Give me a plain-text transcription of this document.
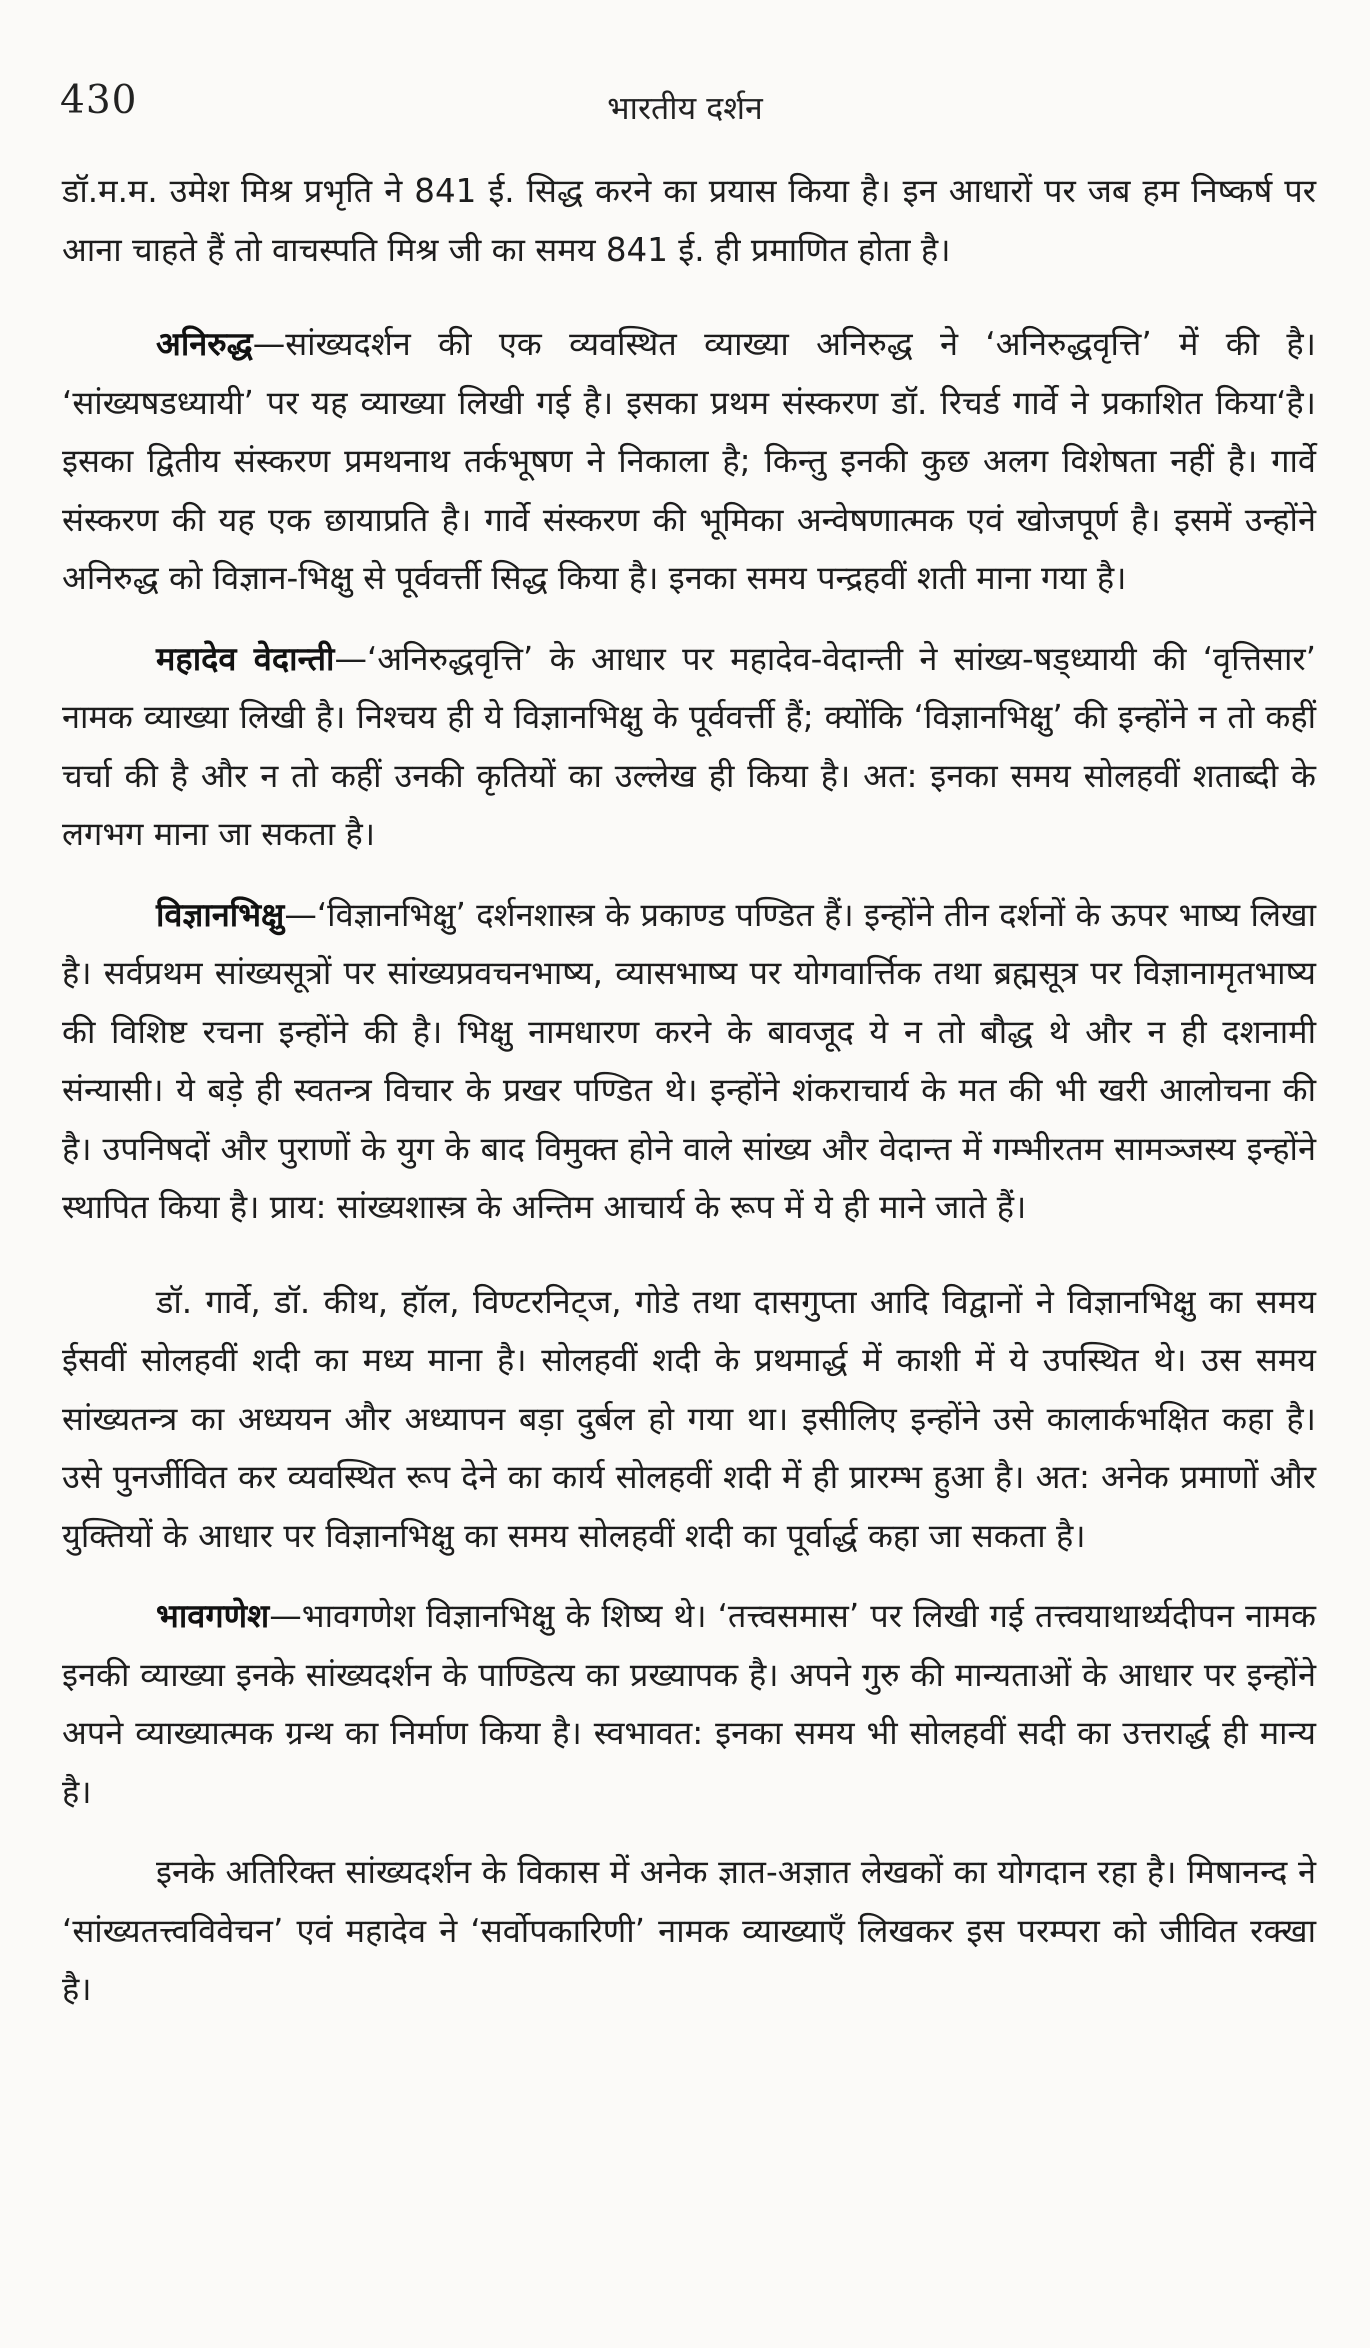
430	भारतीय दर्शन

डॉ.म.म. उमेश मिश्र प्रभृति ने 841 ई. सिद्ध करने का प्रयास किया है। इन आधारों पर जब हम निष्कर्ष पर आना चाहते हैं तो वाचस्पति मिश्र जी का समय 841 ई. ही प्रमाणित होता है।

अनिरुद्ध—सांख्यदर्शन की एक व्यवस्थित व्याख्या अनिरुद्ध ने ‘अनिरुद्धवृत्ति’ में की है। ‘सांख्यषडध्यायी’ पर यह व्याख्या लिखी गई है। इसका प्रथम संस्करण डॉ. रिचर्ड गार्वे ने प्रकाशित किया‘है। इसका द्वितीय संस्करण प्रमथनाथ तर्कभूषण ने निकाला है; किन्तु इनकी कुछ अलग विशेषता नहीं है। गार्वे संस्करण की यह एक छायाप्रति है। गार्वे संस्करण की भूमिका अन्वेषणात्मक एवं खोजपूर्ण है। इसमें उन्होंने अनिरुद्ध को विज्ञान-भिक्षु से पूर्ववर्त्ती सिद्ध किया है। इनका समय पन्द्रहवीं शती माना गया है।

महादेव वेदान्ती—‘अनिरुद्धवृत्ति’ के आधार पर महादेव-वेदान्ती ने सांख्य-षड्ध्यायी की ‘वृत्तिसार’ नामक व्याख्या लिखी है। निश्चय ही ये विज्ञानभिक्षु के पूर्ववर्त्ती हैं; क्योंकि ‘विज्ञानभिक्षु’ की इन्होंने न तो कहीं चर्चा की है और न तो कहीं उनकी कृतियों का उल्लेख ही किया है। अत: इनका समय सोलहवीं शताब्दी के लगभग माना जा सकता है।

विज्ञानभिक्षु—‘विज्ञानभिक्षु’ दर्शनशास्त्र के प्रकाण्ड पण्डित हैं। इन्होंने तीन दर्शनों के ऊपर भाष्य लिखा है। सर्वप्रथम सांख्यसूत्रों पर सांख्यप्रवचनभाष्य, व्यासभाष्य पर योगवार्त्तिक तथा ब्रह्मसूत्र पर विज्ञानामृतभाष्य की विशिष्ट रचना इन्होंने की है। भिक्षु नामधारण करने के बावजूद ये न तो बौद्ध थे और न ही दशनामी संन्यासी। ये बड़े ही स्वतन्त्र विचार के प्रखर पण्डित थे। इन्होंने शंकराचार्य के मत की भी खरी आलोचना की है। उपनिषदों और पुराणों के युग के बाद विमुक्त होने वाले सांख्य और वेदान्त में गम्भीरतम सामञ्जस्य इन्होंने स्थापित किया है। प्राय: सांख्यशास्त्र के अन्तिम आचार्य के रूप में ये ही माने जाते हैं।

डॉ. गार्वे, डॉ. कीथ, हॉल, विण्टरनिट्ज, गोडे तथा दासगुप्ता आदि विद्वानों ने विज्ञानभिक्षु का समय ईसवीं सोलहवीं शदी का मध्य माना है। सोलहवीं शदी के प्रथमार्द्ध में काशी में ये उपस्थित थे। उस समय सांख्यतन्त्र का अध्ययन और अध्यापन बड़ा दुर्बल हो गया था। इसीलिए इन्होंने उसे कालार्कभक्षित कहा है। उसे पुनर्जीवित कर व्यवस्थित रूप देने का कार्य सोलहवीं शदी में ही प्रारम्भ हुआ है। अत: अनेक प्रमाणों और युक्तियों के आधार पर विज्ञानभिक्षु का समय सोलहवीं शदी का पूर्वार्द्ध कहा जा सकता है।

भावगणेश—भावगणेश विज्ञानभिक्षु के शिष्य थे। ‘तत्त्वसमास’ पर लिखी गई तत्त्वयाथार्थ्यदीपन नामक इनकी व्याख्या इनके सांख्यदर्शन के पाण्डित्य का प्रख्यापक है। अपने गुरु की मान्यताओं के आधार पर इन्होंने अपने व्याख्यात्मक ग्रन्थ का निर्माण किया है। स्वभावत: इनका समय भी सोलहवीं सदी का उत्तरार्द्ध ही मान्य है।

इनके अतिरिक्त सांख्यदर्शन के विकास में अनेक ज्ञात-अज्ञात लेखकों का योगदान रहा है। मिषानन्द ने ‘सांख्यतत्त्वविवेचन’ एवं महादेव ने ‘सर्वोपकारिणी’ नामक व्याख्याएँ लिखकर इस परम्परा को जीवित रक्खा है।
